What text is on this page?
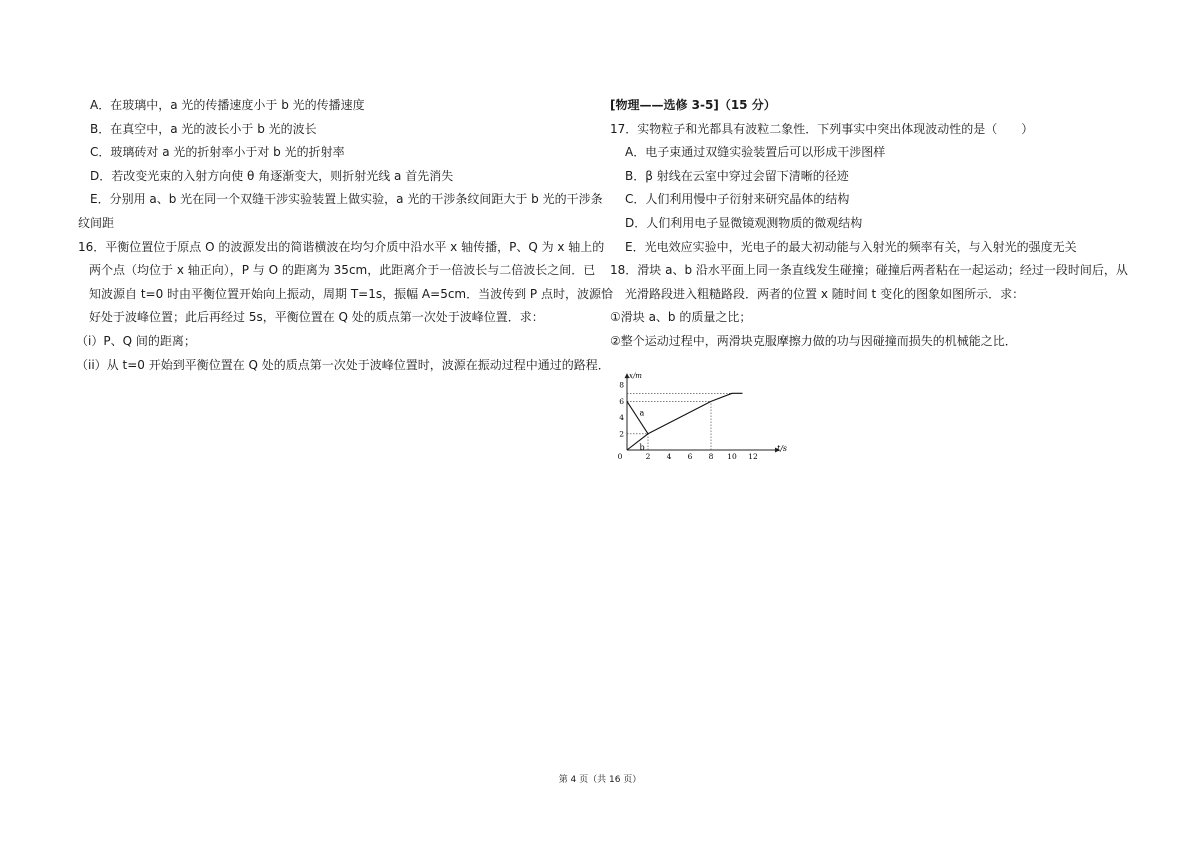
A．在玻璃中，a 光的传播速度小于 b 光的传播速度
B．在真空中，a 光的波长小于 b 光的波长
C．玻璃砖对 a 光的折射率小于对 b 光的折射率
D．若改变光束的入射方向使 θ 角逐渐变大，则折射光线 a 首先消失
E．分别用 a、b 光在同一个双缝干涉实验装置上做实验，a 光的干涉条纹间距大于 b 光的干涉条
纹间距
16．平衡位置位于原点 O 的波源发出的简谐横波在均匀介质中沿水平 x 轴传播，P、Q 为 x 轴上的
两个点（均位于 x 轴正向），P 与 O 的距离为 35cm，此距离介于一倍波长与二倍波长之间．已
知波源自 t=0 时由平衡位置开始向上振动，周期 T=1s，振幅 A=5cm．当波传到 P 点时，波源恰
好处于波峰位置；此后再经过 5s，平衡位置在 Q 处的质点第一次处于波峰位置．求：
（i）P、Q 间的距离；
（ii）从 t=0 开始到平衡位置在 Q 处的质点第一次处于波峰位置时，波源在振动过程中通过的路程．
[物理——选修 3-5]（15 分）
17．实物粒子和光都具有波粒二象性．下列事实中突出体现波动性的是（　　）
A．电子束通过双缝实验装置后可以形成干涉图样
B．β 射线在云室中穿过会留下清晰的径迹
C．人们利用慢中子衍射来研究晶体的结构
D．人们利用电子显微镜观测物质的微观结构
E．光电效应实验中，光电子的最大初动能与入射光的频率有关，与入射光的强度无关
18．滑块 a、b 沿水平面上同一条直线发生碰撞；碰撞后两者粘在一起运动；经过一段时间后，从
光滑路段进入粗糙路段．两者的位置 x 随时间 t 变化的图象如图所示．求：
①滑块 a、b 的质量之比；
②整个运动过程中，两滑块克服摩擦力做的功与因碰撞而损失的机械能之比．
t/s
x/m
0	2 4 6 8 10 12
2
4
6
8
a
b
第 4 页（共 16 页）
